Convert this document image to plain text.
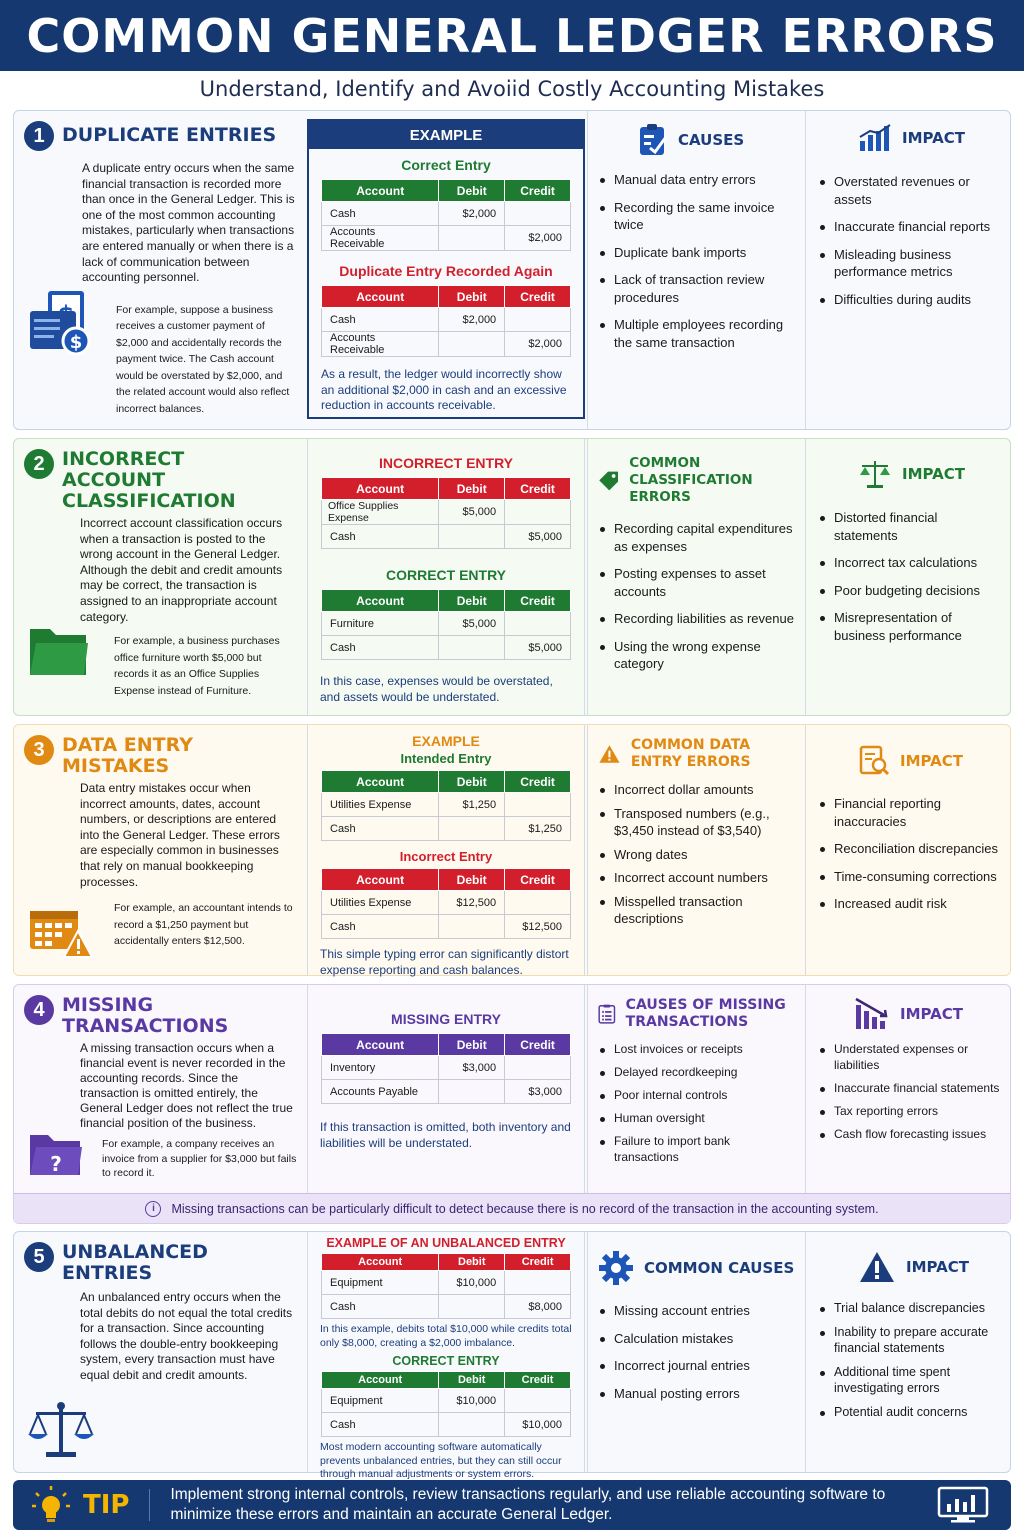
COMMON GENERAL LEDGER ERRORS
Understand, Identify and Avoiid Costly Accounting Mistakes
1 DUPLICATE ENTRIES

A duplicate entry occurs when the same financial transaction is recorded more than once in the General Ledger. This is one of the most common accounting mistakes, particularly when transactions are entered manually or when there is a lack of communication between accounting personnel.

$

For example, suppose a business receives a customer payment of $2,000 and accidentally records the payment twice. The Cash account would be overstated by $2,000, and the related account would also reflect incorrect balances.

EXAMPLE
Correct Entry
Account	Debit	Credit
Cash	$2,000	
Accounts Receivable		$2,000
Duplicate Entry Recorded Again
Account	Debit	Credit
Cash	$2,000	
Accounts Receivable		$2,000

As a result, the ledger would incorrectly show an additional $2,000 in cash and an excessive reduction in accounts receivable.

CAUSES
Manual data entry errors
Recording the same invoice twice
Duplicate bank imports
Lack of transaction review procedures
Multiple employees recording the same transaction
IMPACT
Overstated revenues or assets
Inaccurate financial reports
Misleading business performance metrics
Difficulties during audits
2 INCORRECT ACCOUNT CLASSIFICATION

Incorrect account classification occurs when a transaction is posted to the wrong account in the General Ledger. Although the debit and credit amounts may be correct, the transaction is assigned to an inappropriate account category.

For example, a business purchases office furniture worth $5,000 but records it as an Office Supplies Expense instead of Furniture.

INCORRECT ENTRY
Account	Debit	Credit
Office Supplies Expense	$5,000	
Cash		$5,000
CORRECT ENTRY
Account	Debit	Credit
Furniture	$5,000	
Cash		$5,000

In this case, expenses would be overstated, and assets would be understated.

COMMON CLASSIFICATION ERRORS
Recording capital expenditures as expenses
Posting expenses to asset accounts
Recording liabilities as revenue
Using the wrong expense category
IMPACT
Distorted financial statements
Incorrect tax calculations
Poor budgeting decisions
Misrepresentation of business performance
3 DATA ENTRY MISTAKES

Data entry mistakes occur when incorrect amounts, dates, account numbers, or descriptions are entered into the General Ledger. These errors are especially common in businesses that rely on manual bookkeeping processes.

For example, an accountant intends to record a $1,250 payment but accidentally enters $12,500.

EXAMPLE
Intended Entry
Account	Debit	Credit
Utilities Expense	$1,250	
Cash		$1,250
Incorrect Entry
Account	Debit	Credit
Utilities Expense	$12,500	
Cash		$12,500

This simple typing error can significantly distort expense reporting and cash balances.

COMMON DATA ENTRY ERRORS
Incorrect dollar amounts
Transposed numbers (e.g., $3,450 instead of $3,540)
Wrong dates
Incorrect account numbers
Misspelled transaction descriptions
IMPACT
Financial reporting inaccuracies
Reconciliation discrepancies
Time-consuming corrections
Increased audit risk
4 MISSING TRANSACTIONS

A missing transaction occurs when a financial event is never recorded in the accounting records. Since the transaction is omitted entirely, the General Ledger does not reflect the true financial position of the business.

?

For example, a company receives an invoice from a supplier for $3,000 but fails to record it.

MISSING ENTRY
Account	Debit	Credit
Inventory	$3,000	
Accounts Payable		$3,000

If this transaction is omitted, both inventory and liabilities will be understated.

CAUSES OF MISSING TRANSACTIONS
Lost invoices or receipts
Delayed recordkeeping
Poor internal controls
Human oversight
Failure to import bank transactions
IMPACT
Understated expenses or liabilities
Inaccurate financial statements
Tax reporting errors
Cash flow forecasting issues
i	Missing transactions can be particularly difficult to detect because there is no record of the transaction in the accounting system.
5 UNBALANCED ENTRIES

An unbalanced entry occurs when the total debits do not equal the total credits for a transaction. Since accounting follows the double-entry bookkeeping system, every transaction must have equal debit and credit amounts.

EXAMPLE OF AN UNBALANCED ENTRY
Account	Debit	Credit
Equipment	$10,000	
Cash		$8,000

In this example, debits total $10,000 while credits total only $8,000, creating a $2,000 imbalance.

CORRECT ENTRY
Account	Debit	Credit
Equipment	$10,000	
Cash		$10,000

Most modern accounting software automatically prevents unbalanced entries, but they can still occur through manual adjustments or system errors.

COMMON CAUSES
Missing account entries
Calculation mistakes
Incorrect journal entries
Manual posting errors
IMPACT
Trial balance discrepancies
Inability to prepare accurate financial statements
Additional time spent investigating errors
Potential audit concerns
TIP	Implement strong internal controls, review transactions regularly, and use reliable accounting software to minimize these errors and maintain an accurate General Ledger.
